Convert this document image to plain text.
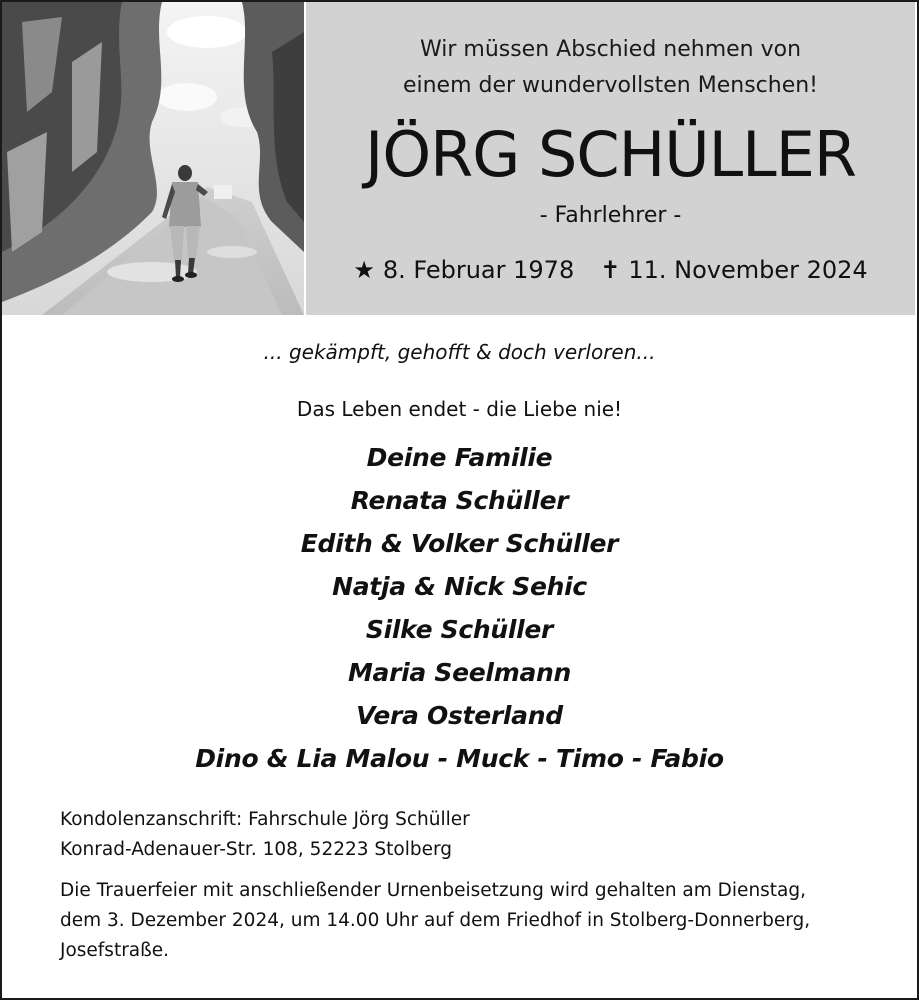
Wir müssen Abschied nehmen von
einem der wundervollsten Menschen!
JÖRG SCHÜLLER
- Fahrlehrer -
★ 8. Februar 1978 ✝ 11. November 2024
... gekämpft, gehofft & doch verloren...
Das Leben endet - die Liebe nie!
Deine Familie
Renata Schüller
Edith & Volker Schüller
Natja & Nick Sehic
Silke Schüller
Maria Seelmann
Vera Osterland
Dino & Lia Malou - Muck - Timo - Fabio
Kondolenzanschrift: Fahrschule Jörg Schüller
Konrad-Adenauer-Str. 108, 52223 Stolberg
Die Trauerfeier mit anschließender Urnenbeisetzung wird gehalten am Dienstag,
dem 3. Dezember 2024, um 14.00 Uhr auf dem Friedhof in Stolberg-Donnerberg,
Josefstraße.
